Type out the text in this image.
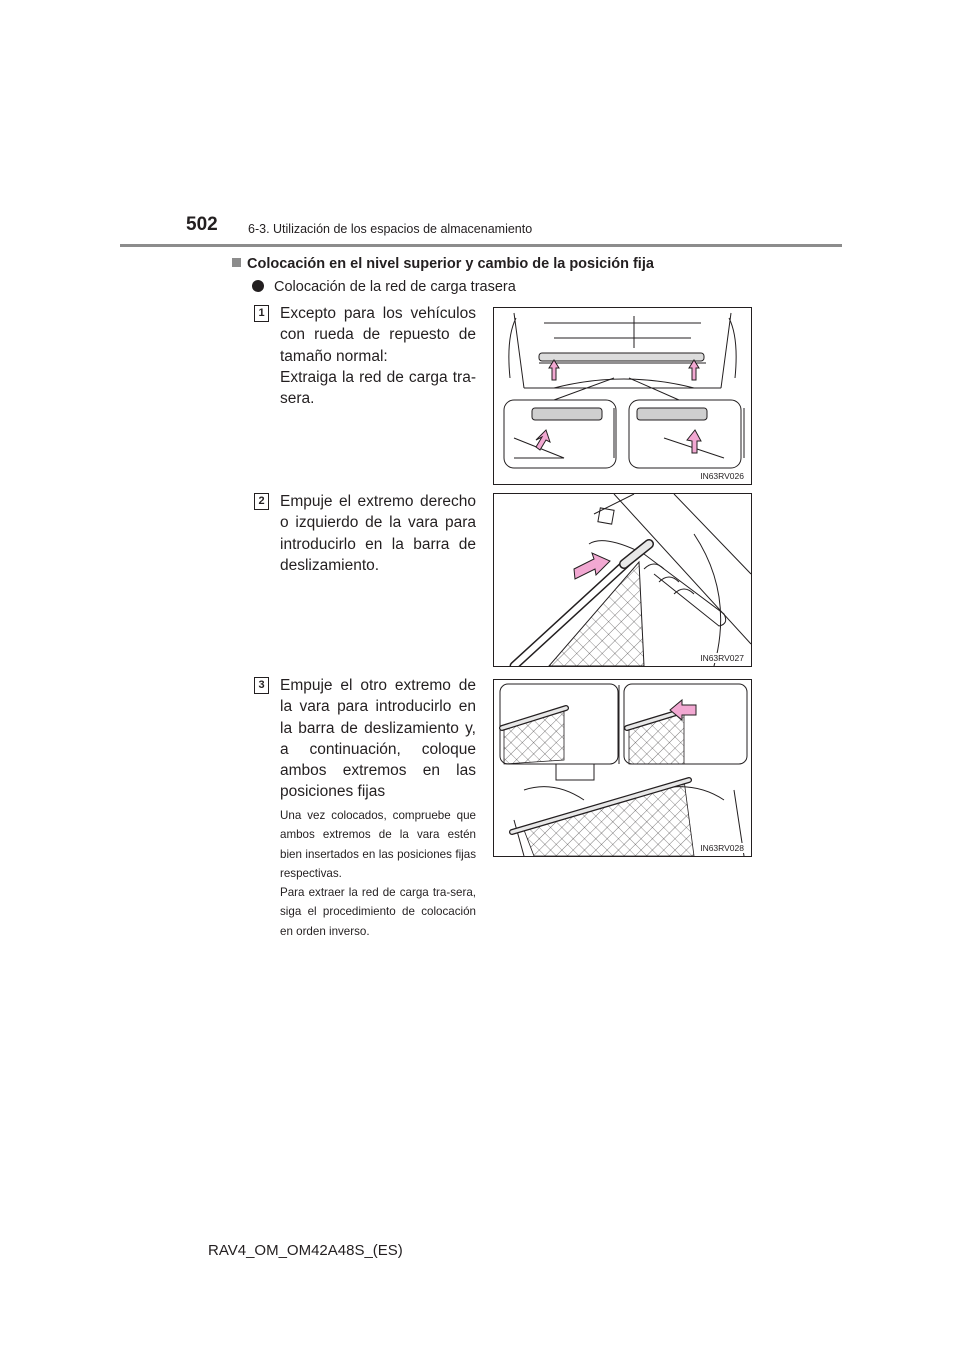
502 6-3. Utilización de los espacios de almacenamiento
Colocación en el nivel superior y cambio de la posición fija
Colocación de la red de carga trasera
1 Excepto para los vehículos con rueda de repuesto de tamaño normal:

Extraiga la red de carga tra-sera.

IN63RV026
2 Empuje el extremo derecho o izquierdo de la vara para introducirlo en la barra de deslizamiento.

IN63RV027
3 Empuje el otro extremo de la vara para introducirlo en la barra de deslizamiento y, a continuación, coloque ambos extremos en las posiciones fijas

IN63RV028

Una vez colocados, compruebe que ambos extremos de la vara estén bien insertados en las posiciones fijas respectivas.

Para extraer la red de carga tra-sera, siga el procedimiento de colocación en orden inverso.

RAV4_OM_OM42A48S_(ES)
